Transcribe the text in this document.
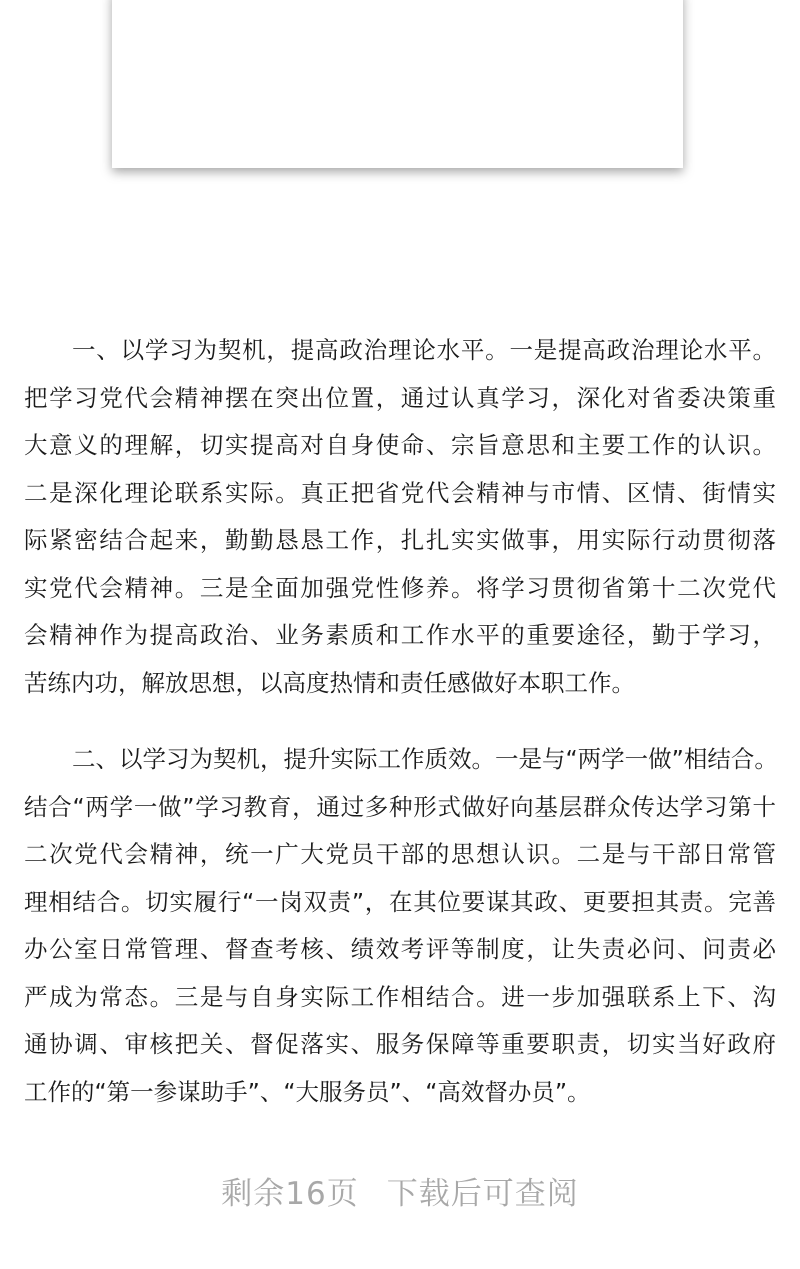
一、以学习为契机，提高政治理论水平。一是提高政治理论水平。
把学习党代会精神摆在突出位置，通过认真学习，深化对省委决策重
大意义的理解，切实提高对自身使命、宗旨意思和主要工作的认识。
二是深化理论联系实际。真正把省党代会精神与市情、区情、街情实
际紧密结合起来，勤勤恳恳工作，扎扎实实做事，用实际行动贯彻落
实党代会精神。三是全面加强党性修养。将学习贯彻省第十二次党代
会精神作为提高政治、业务素质和工作水平的重要途径，勤于学习，
苦练内功，解放思想，以高度热情和责任感做好本职工作。
二、以学习为契机，提升实际工作质效。一是与“两学一做”相结合。
结合“两学一做”学习教育，通过多种形式做好向基层群众传达学习第十
二次党代会精神，统一广大党员干部的思想认识。二是与干部日常管
理相结合。切实履行“一岗双责”，在其位要谋其政、更要担其责。完善
办公室日常管理、督查考核、绩效考评等制度，让失责必问、问责必
严成为常态。三是与自身实际工作相结合。进一步加强联系上下、沟
通协调、审核把关、督促落实、服务保障等重要职责，切实当好政府
工作的“第一参谋助手”、“大服务员”、“高效督办员”。
剩余16页 下载后可查阅
